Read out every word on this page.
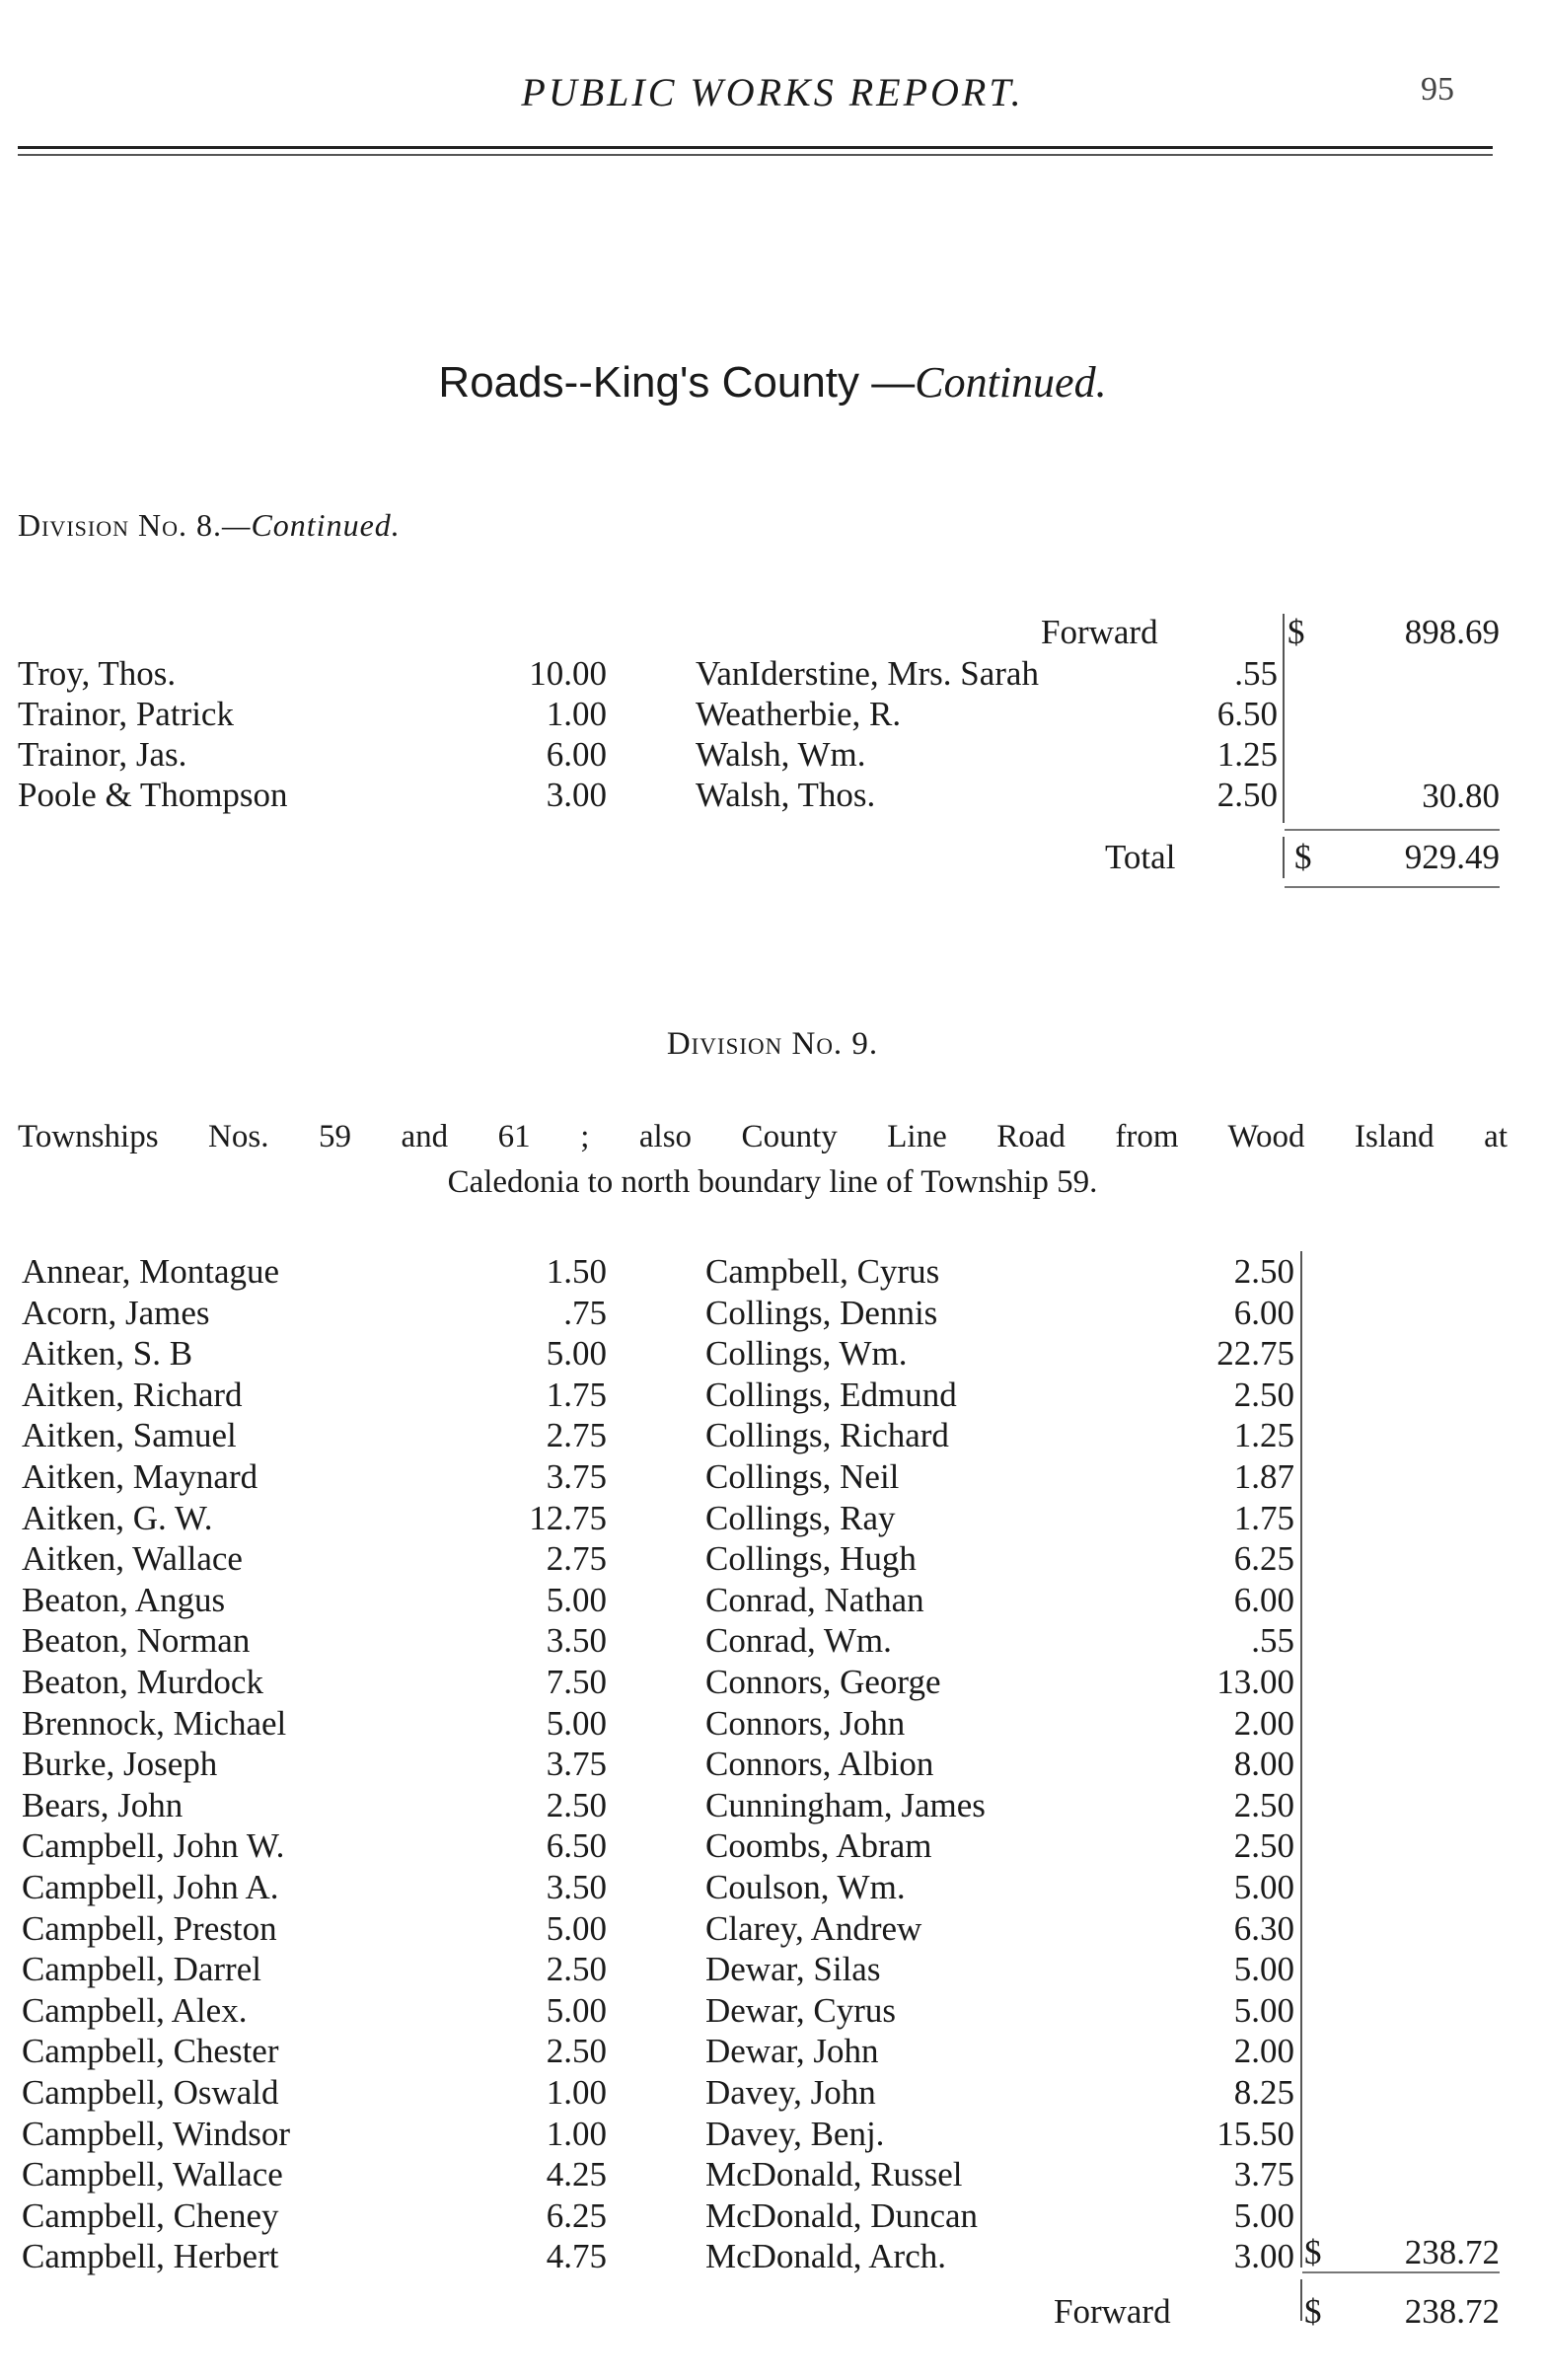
PUBLIC WORKS REPORT.	95
Roads--King's County —Continued.
Division No. 8.—Continued.
Forward	$	898.69
Troy, Thos.	10.00
Trainor, Patrick	1.00
Trainor, Jas.	6.00
Poole & Thompson	3.00
VanIderstine, Mrs. Sarah	.55
Weatherbie, R.	6.50
Walsh, Wm.	1.25
Walsh, Thos.	2.50	30.80
Total	$	929.49
Division No. 9.
Townships Nos. 59 and 61 ; also County Line Road from Wood Island at
Caledonia to north boundary line of Township 59.
Annear, Montague	1.50
Acorn, James	.75
Aitken, S. B	5.00
Aitken, Richard	1.75
Aitken, Samuel	2.75
Aitken, Maynard	3.75
Aitken, G. W.	12.75
Aitken, Wallace	2.75
Beaton, Angus	5.00
Beaton, Norman	3.50
Beaton, Murdock	7.50
Brennock, Michael	5.00
Burke, Joseph	3.75
Bears, John	2.50
Campbell, John W.	6.50
Campbell, John A.	3.50
Campbell, Preston	5.00
Campbell, Darrel	2.50
Campbell, Alex.	5.00
Campbell, Chester	2.50
Campbell, Oswald	1.00
Campbell, Windsor	1.00
Campbell, Wallace	4.25
Campbell, Cheney	6.25
Campbell, Herbert	4.75
Campbell, Cyrus	2.50
Collings, Dennis	6.00
Collings, Wm.	22.75
Collings, Edmund	2.50
Collings, Richard	1.25
Collings, Neil	1.87
Collings, Ray	1.75
Collings, Hugh	6.25
Conrad, Nathan	6.00
Conrad, Wm.	.55
Connors, George	13.00
Connors, John	2.00
Connors, Albion	8.00
Cunningham, James	2.50
Coombs, Abram	2.50
Coulson, Wm.	5.00
Clarey, Andrew	6.30
Dewar, Silas	5.00
Dewar, Cyrus	5.00
Dewar, John	2.00
Davey, John	8.25
Davey, Benj.	15.50
McDonald, Russel	3.75
McDonald, Duncan	5.00
McDonald, Arch.	3.00 $	238.72
Forward	$	238.72
